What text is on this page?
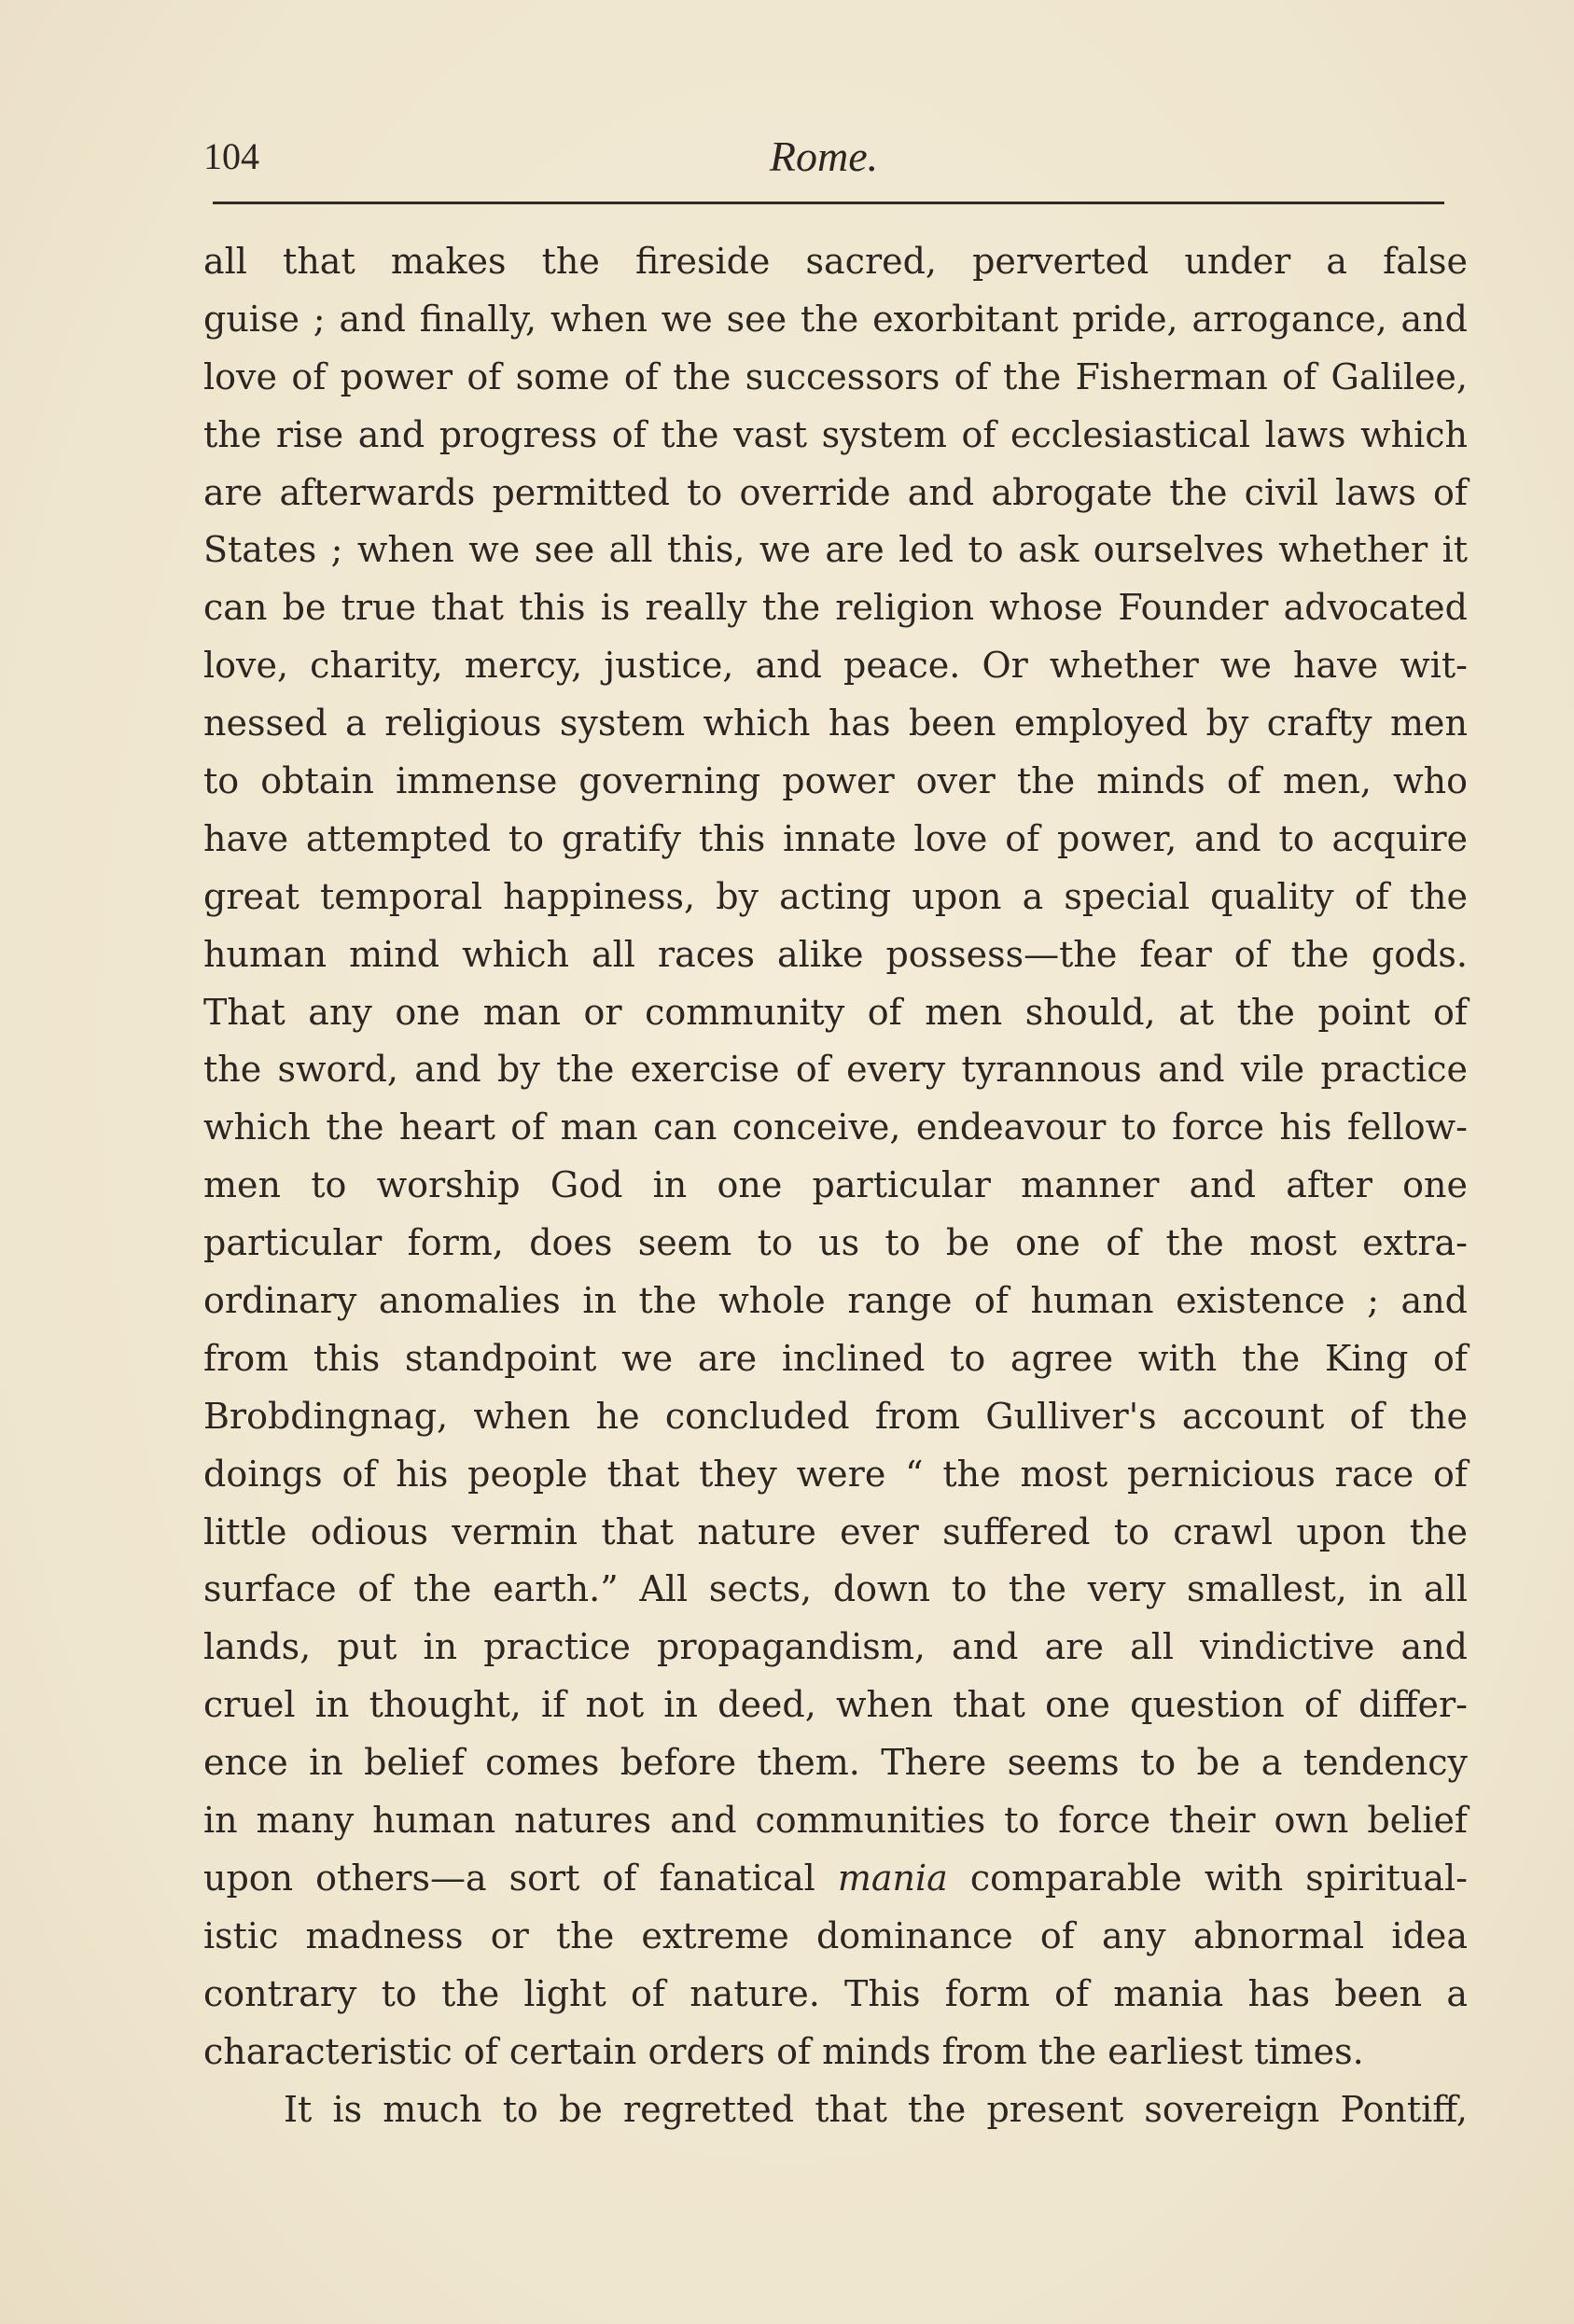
104	Rome.
all that makes the fireside sacred, perverted under a false
guise ; and finally, when we see the exorbitant pride, arrogance, and
love of power of some of the successors of the Fisherman of Galilee,
the rise and progress of the vast system of ecclesiastical laws which
are afterwards permitted to override and abrogate the civil laws of
States ; when we see all this, we are led to ask ourselves whether it
can be true that this is really the religion whose Founder advocated
love, charity, mercy, justice, and peace. Or whether we have wit-
nessed a religious system which has been employed by crafty men
to obtain immense governing power over the minds of men, who
have attempted to gratify this innate love of power, and to acquire
great temporal happiness, by acting upon a special quality of the
human mind which all races alike possess—the fear of the gods.
That any one man or community of men should, at the point of
the sword, and by the exercise of every tyrannous and vile practice
which the heart of man can conceive, endeavour to force his fellow-
men to worship God in one particular manner and after one
particular form, does seem to us to be one of the most extra-
ordinary anomalies in the whole range of human existence ; and
from this standpoint we are inclined to agree with the King of
Brobdingnag, when he concluded from Gulliver's account of the
doings of his people that they were “ the most pernicious race of
little odious vermin that nature ever suffered to crawl upon the
surface of the earth.” All sects, down to the very smallest, in all
lands, put in practice propagandism, and are all vindictive and
cruel in thought, if not in deed, when that one question of differ-
ence in belief comes before them. There seems to be a tendency
in many human natures and communities to force their own belief
upon others—a sort of fanatical mania comparable with spiritual-
istic madness or the extreme dominance of any abnormal idea
contrary to the light of nature. This form of mania has been a
characteristic of certain orders of minds from the earliest times.
It is much to be regretted that the present sovereign Pontiff,
